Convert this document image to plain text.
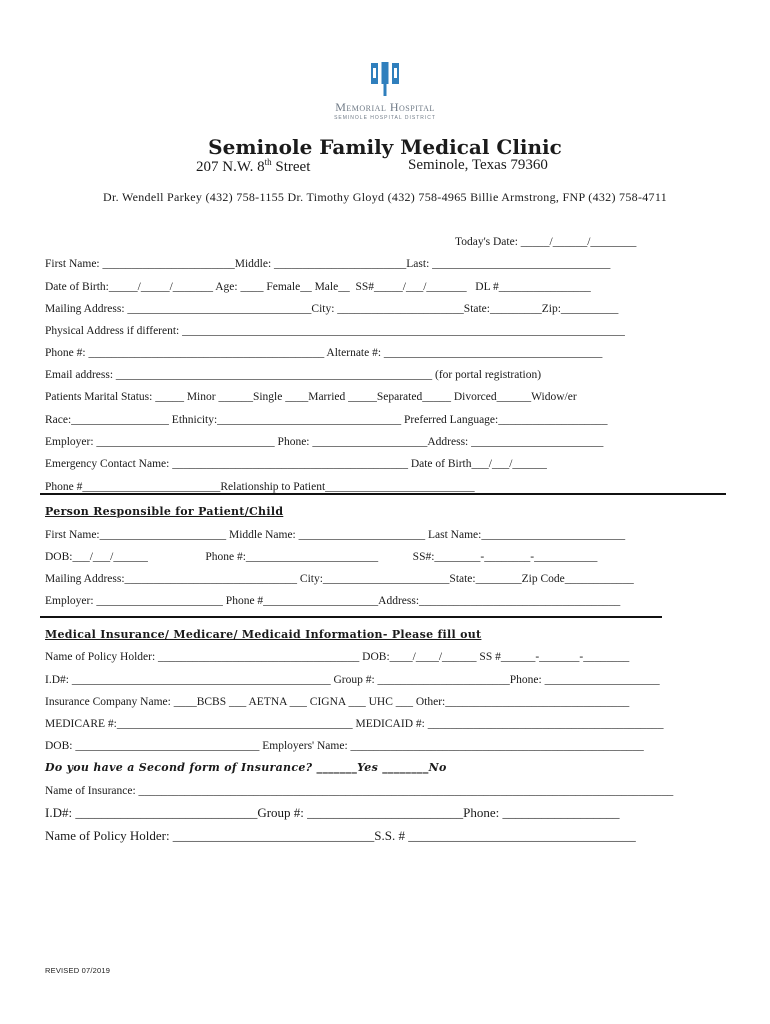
Memorial Hospital
SEMINOLE HOSPITAL DISTRICT
Seminole Family Medical Clinic
207 N.W. 8th Street	Seminole, Texas 79360
Dr. Wendell Parkey (432) 758-1155 Dr. Timothy Gloyd (432) 758-4965 Billie Armstrong, FNP (432) 758-4711
Today's Date: _____/______/________
First Name: _______________________Middle: _______________________Last: _______________________________
Date of Birth:_____/_____/_______ Age: ____ Female__ Male__  SS#_____/___/_______   DL #________________
Mailing Address: ________________________________City: ______________________State:_________Zip:__________
Physical Address if different: _____________________________________________________________________________
Phone #: _________________________________________ Alternate #: ______________________________________
Email address: _______________________________________________________ (for portal registration)
Patients Marital Status: _____ Minor ______Single ____Married _____Separated_____ Divorced______Widow/er
Race:_________________ Ethnicity:________________________________ Preferred Language:___________________
Employer: _______________________________ Phone: ____________________Address: _______________________
Emergency Contact Name: _________________________________________ Date of Birth___/___/______
Phone #________________________Relationship to Patient__________________________
Person Responsible for Patient/Child
First Name:______________________ Middle Name: ______________________ Last Name:_________________________
DOB:___/___/______                    Phone #:_______________________            SS#:________-________-___________
Mailing Address:______________________________ City:______________________State:________Zip Code____________
Employer: ______________________ Phone #____________________Address:___________________________________
Medical Insurance/ Medicare/ Medicaid Information- Please fill out
Name of Policy Holder: ___________________________________ DOB:____/____/______ SS #______-_______-________
I.D#: _____________________________________________ Group #: _______________________Phone: ____________________
Insurance Company Name: ____BCBS ___ AETNA ___ CIGNA ___ UHC ___ Other:________________________________
MEDICARE #:_________________________________________ MEDICAID #: _________________________________________
DOB: ________________________________ Employers' Name: ___________________________________________________
Do you have a Second form of Insurance? _______Yes ________No
Name of Insurance: _____________________________________________________________________________________________
I.D#: ____________________________Group #: ________________________Phone: __________________
Name of Policy Holder: _______________________________S.S. # ___________________________________
REVISED 07/2019
